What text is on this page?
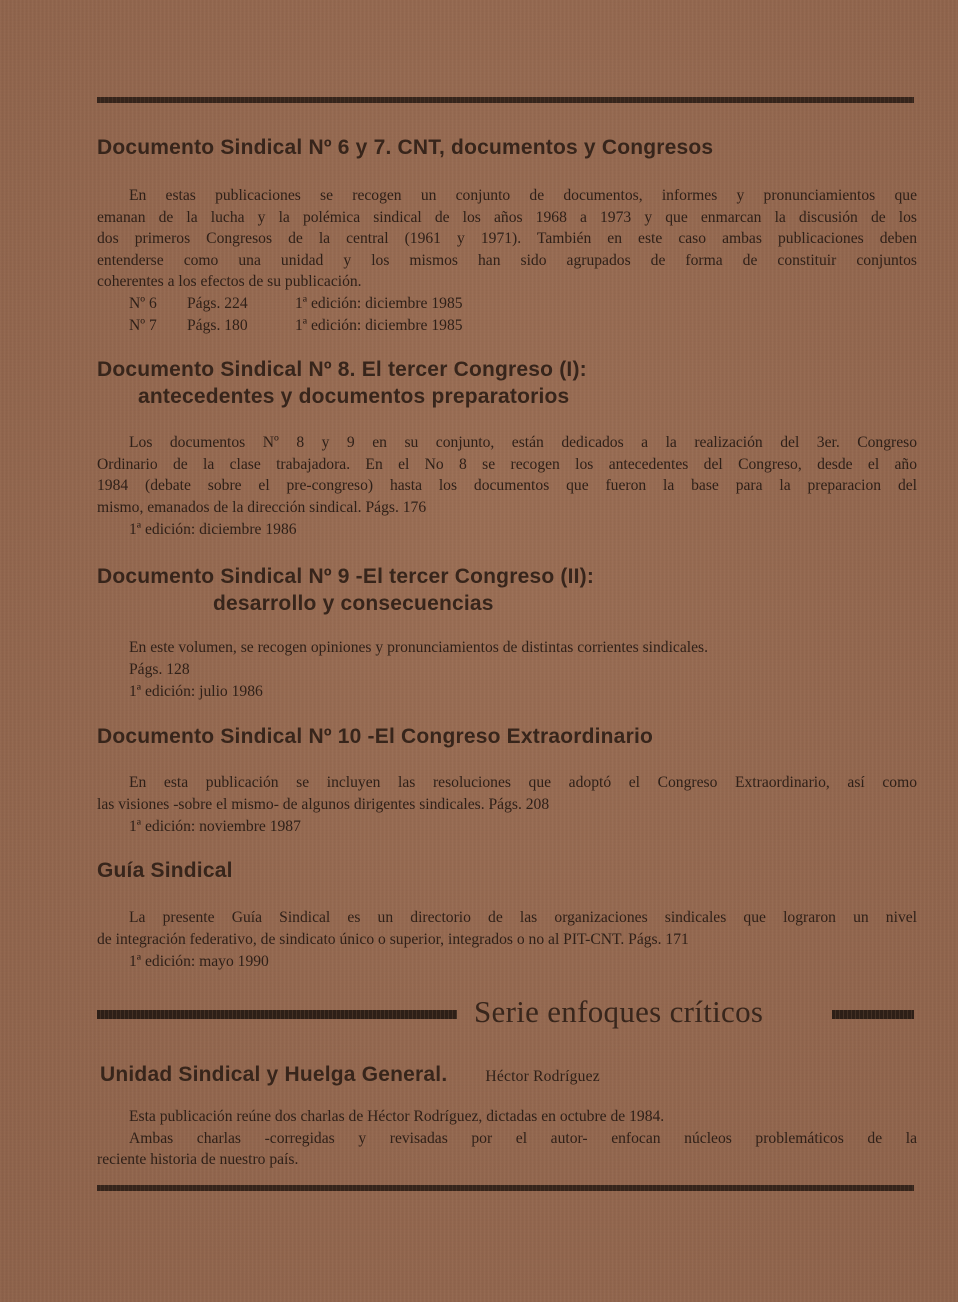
Documento Sindical Nº 6 y 7. CNT, documentos y Congresos
En estas publicaciones se recogen un conjunto de documentos, informes y pronunciamientos que
emanan de la lucha y la polémica sindical de los años 1968 a 1973 y que enmarcan la discusión de los
dos primeros Congresos de la central (1961 y 1971). También en este caso ambas publicaciones deben
entenderse como una unidad y los mismos han sido agrupados de forma de constituir conjuntos
coherentes a los efectos de su publicación.
Nº 6 Págs. 224	1ª edición: diciembre 1985
Nº 7 Págs. 180	1ª edición: diciembre 1985
Documento Sindical Nº 8. El tercer Congreso (I):
antecedentes y documentos preparatorios
Los documentos Nº 8 y 9 en su conjunto, están dedicados a la realización del 3er. Congreso
Ordinario de la clase trabajadora. En el No 8 se recogen los antecedentes del Congreso, desde el año
1984 (debate sobre el pre-congreso) hasta los documentos que fueron la base para la preparacion del
mismo, emanados de la dirección sindical. Págs. 176
1ª edición: diciembre 1986
Documento Sindical Nº 9 -El tercer Congreso (II):
desarrollo y consecuencias
En este volumen, se recogen opiniones y pronunciamientos de distintas corrientes sindicales.
Págs. 128
1ª edición: julio 1986
Documento Sindical Nº 10 -El Congreso Extraordinario
En esta publicación se incluyen las resoluciones que adoptó el Congreso Extraordinario, así como
las visiones -sobre el mismo- de algunos dirigentes sindicales. Págs. 208
1ª edición: noviembre 1987
Guía Sindical
La presente Guía Sindical es un directorio de las organizaciones sindicales que lograron un nivel
de integración federativo, de sindicato único o superior, integrados o no al PIT-CNT. Págs. 171
1ª edición: mayo 1990
Serie enfoques críticos
Unidad Sindical y Huelga General. Héctor Rodríguez
Esta publicación reúne dos charlas de Héctor Rodríguez, dictadas en octubre de 1984.
Ambas charlas -corregidas y revisadas por el autor- enfocan núcleos problemáticos de la
reciente historia de nuestro país.
